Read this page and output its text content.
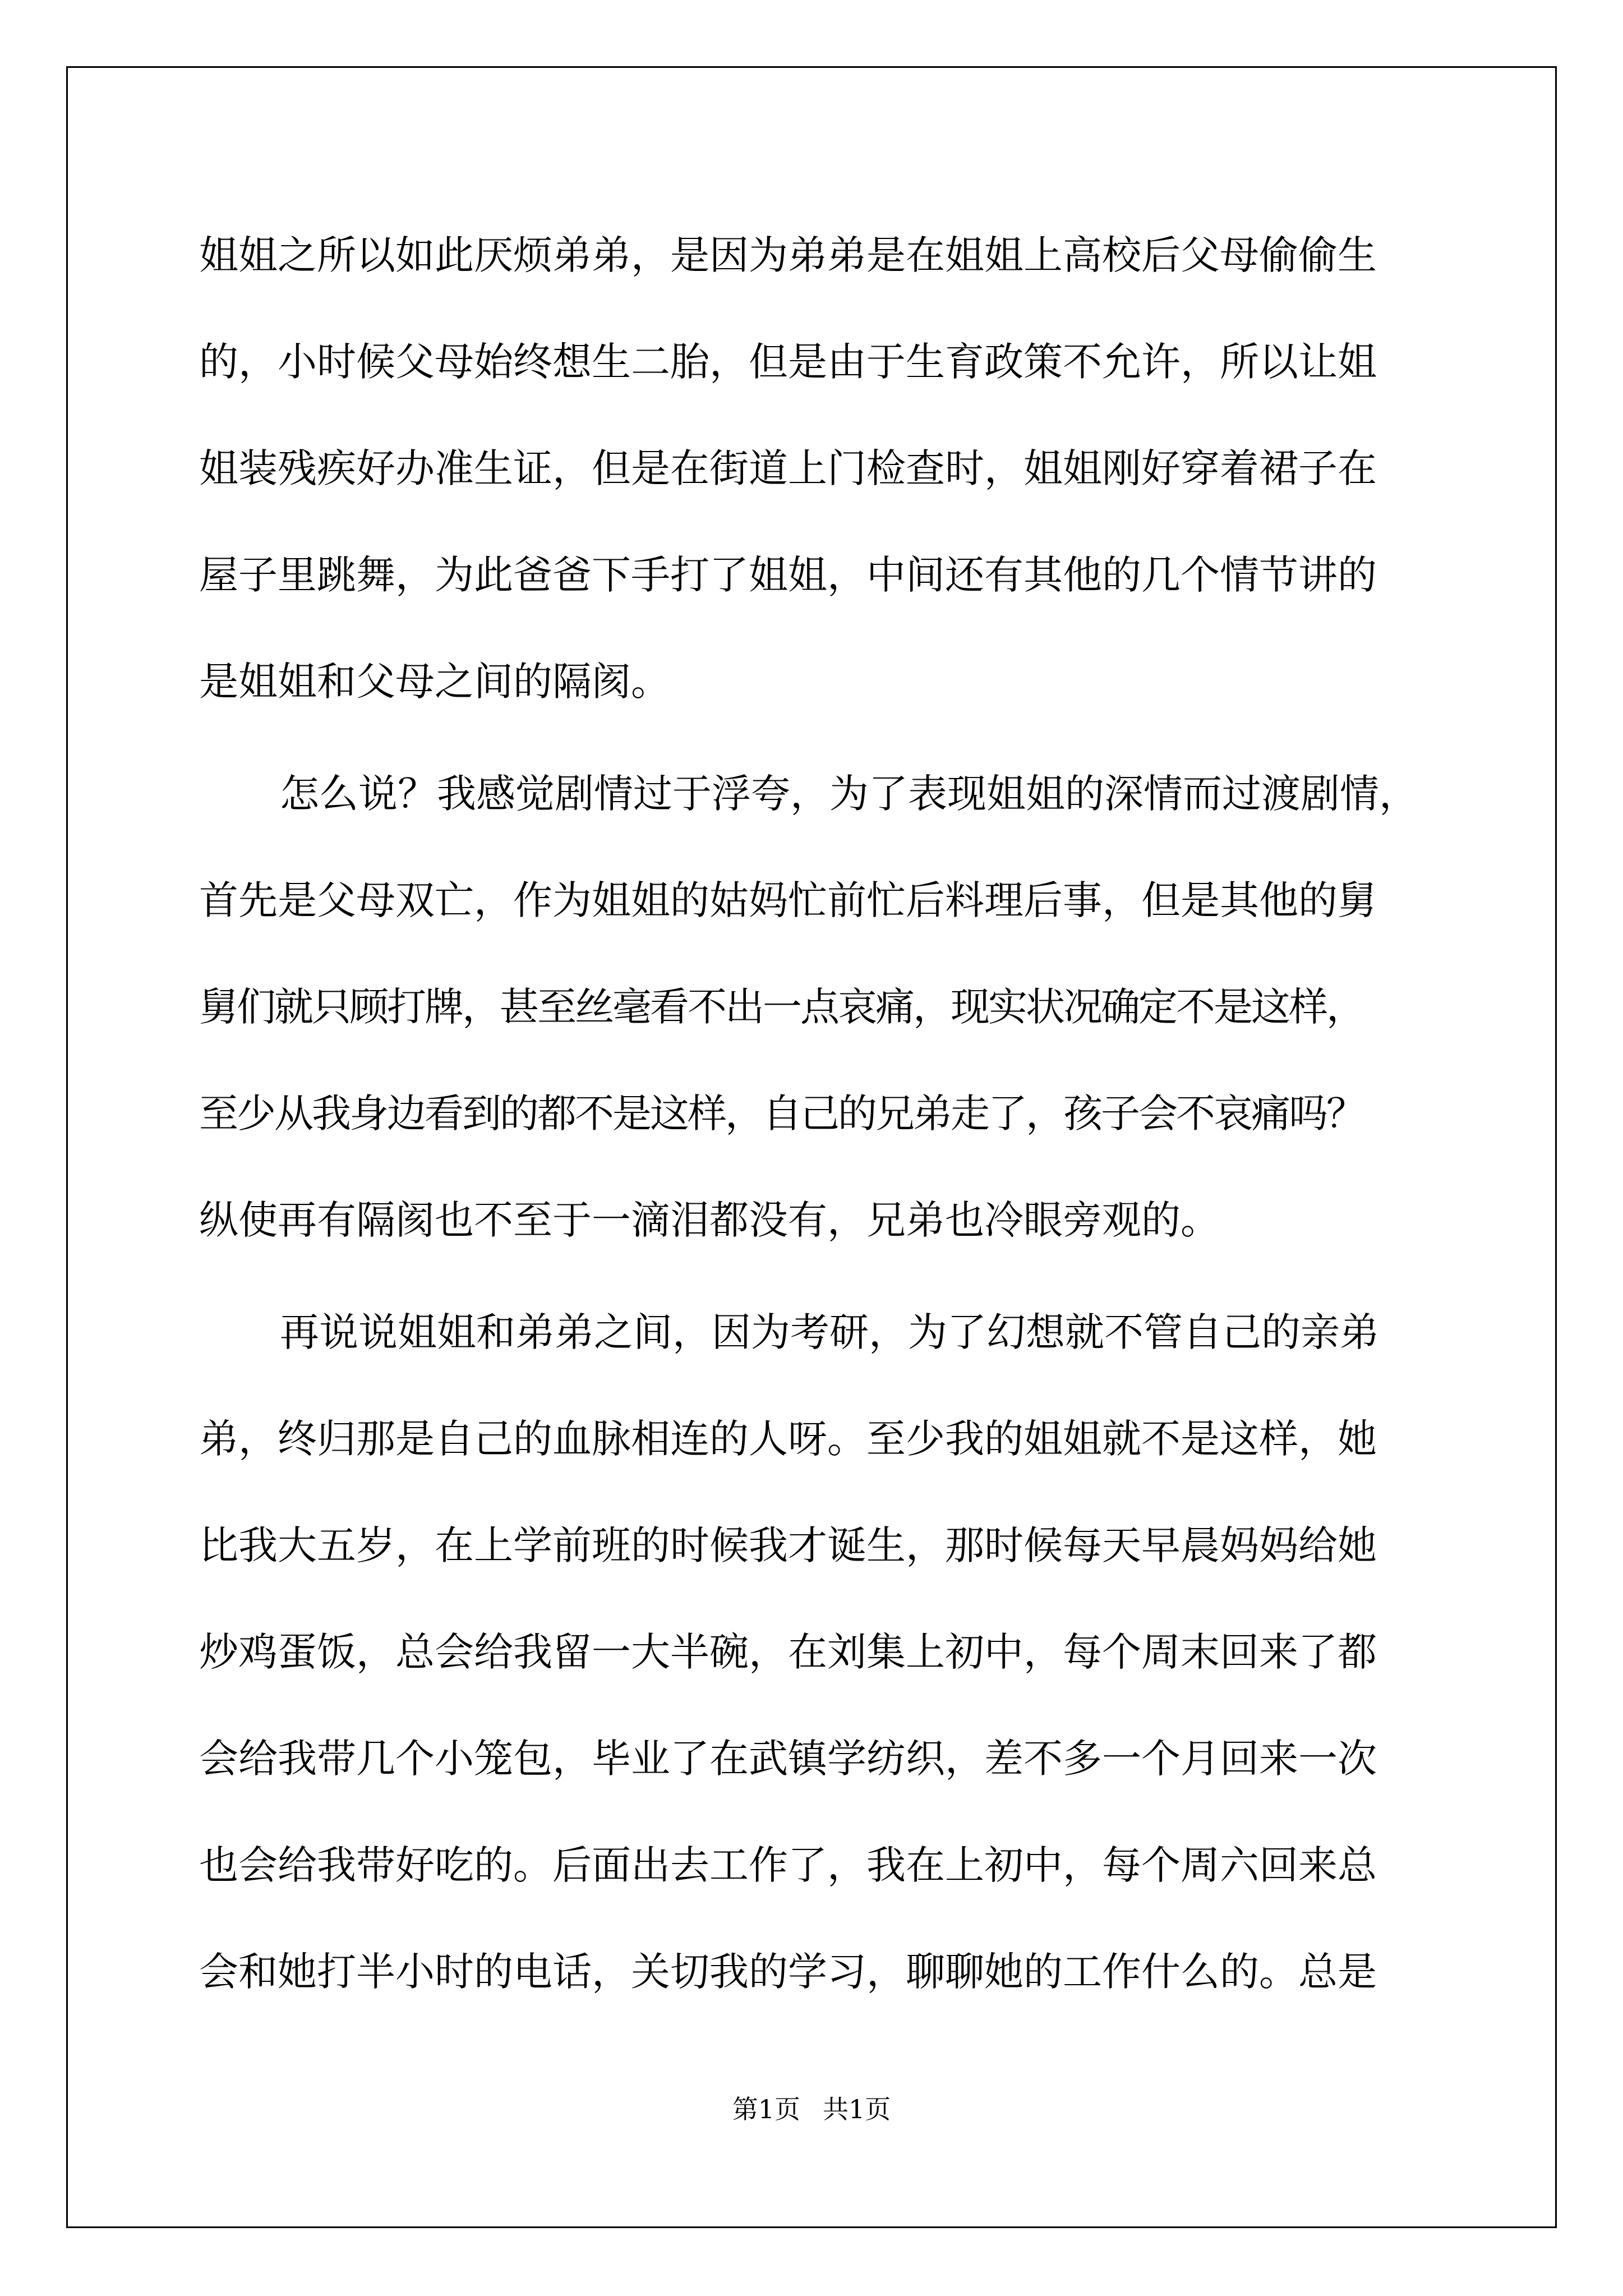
姐姐之所以如此厌烦弟弟，是因为弟弟是在姐姐上高校后父母偷偷生
的，小时候父母始终想生二胎，但是由于生育政策不允许，所以让姐
姐装残疾好办准生证，但是在街道上门检查时，姐姐刚好穿着裙子在
屋子里跳舞，为此爸爸下手打了姐姐，中间还有其他的几个情节讲的
是姐姐和父母之间的隔阂。
怎么说？我感觉剧情过于浮夸，为了表现姐姐的深情而过渡剧情，
首先是父母双亡，作为姐姐的姑妈忙前忙后料理后事，但是其他的舅
舅们就只顾打牌，甚至丝毫看不出一点哀痛，现实状况确定不是这样，
至少从我身边看到的都不是这样，自己的兄弟走了，孩子会不哀痛吗？
纵使再有隔阂也不至于一滴泪都没有，兄弟也冷眼旁观的。
再说说姐姐和弟弟之间，因为考研，为了幻想就不管自己的亲弟
弟，终归那是自己的血脉相连的人呀。至少我的姐姐就不是这样，她
比我大五岁，在上学前班的时候我才诞生，那时候每天早晨妈妈给她
炒鸡蛋饭，总会给我留一大半碗，在刘集上初中，每个周末回来了都
会给我带几个小笼包，毕业了在武镇学纺织，差不多一个月回来一次
也会给我带好吃的。后面出去工作了，我在上初中，每个周六回来总
会和她打半小时的电话，关切我的学习，聊聊她的工作什么的。总是
第1页 共1页
